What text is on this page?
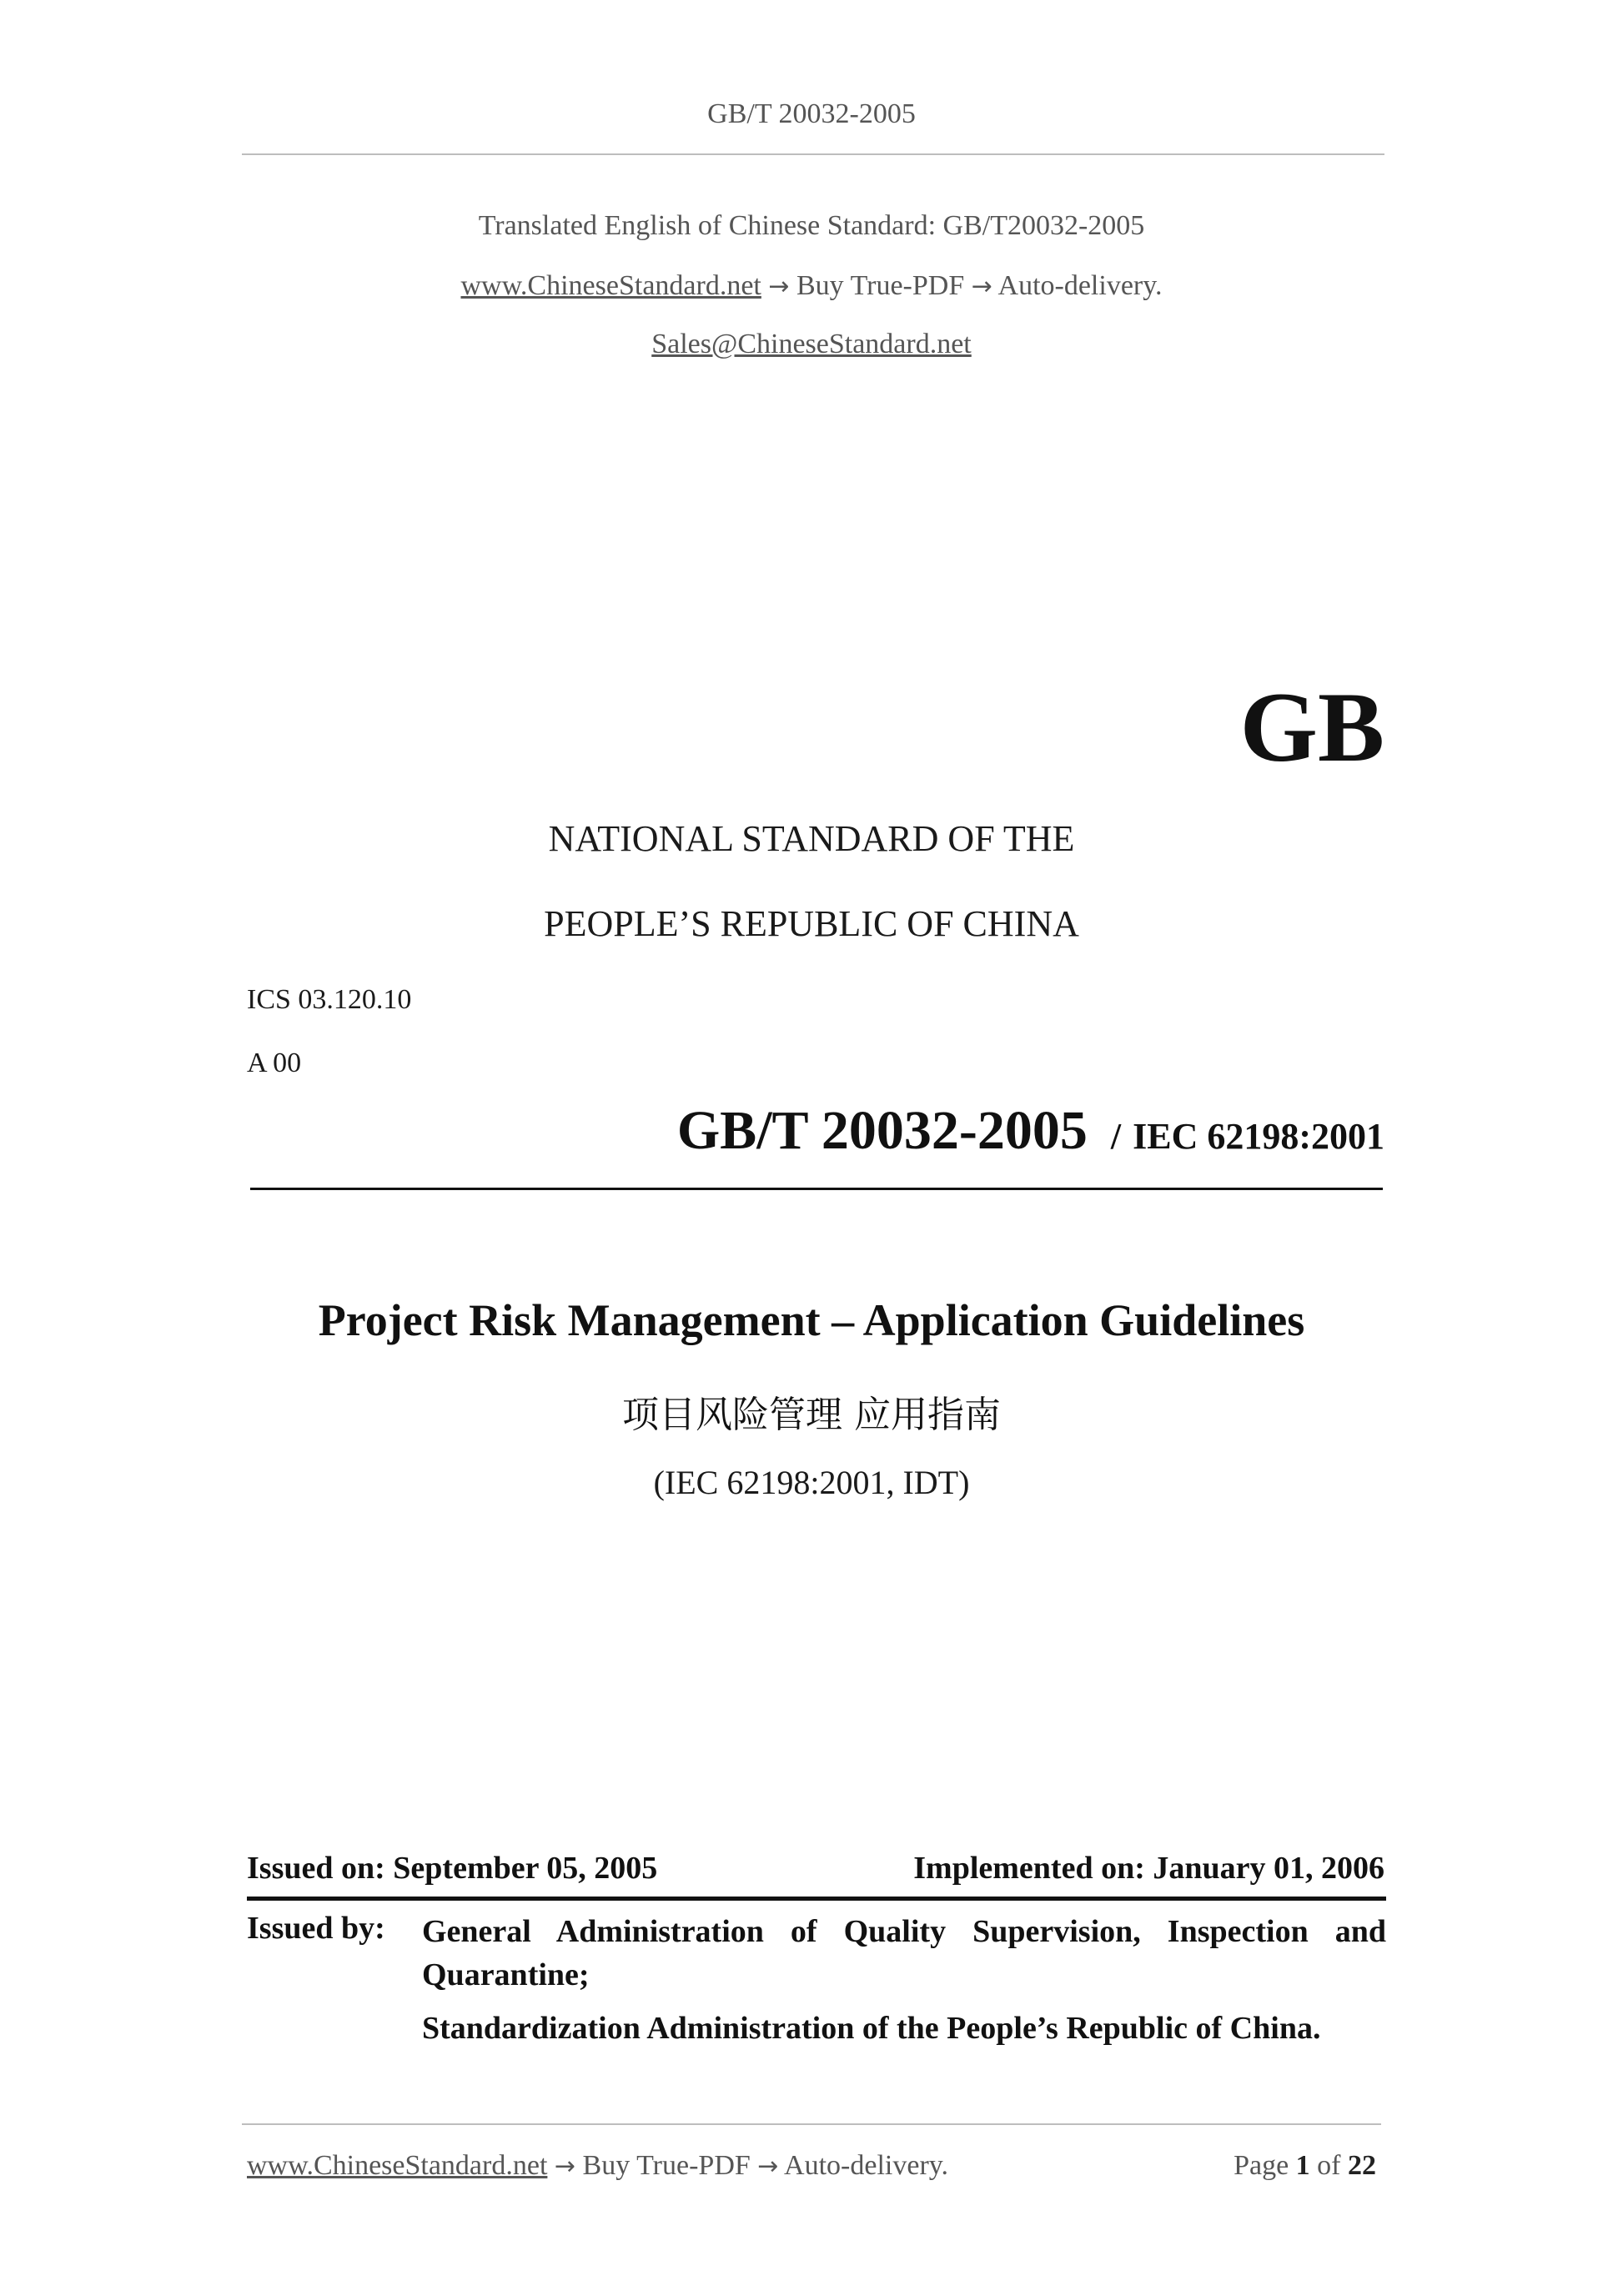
GB/T 20032-2005
Translated English of Chinese Standard: GB/T20032-2005
www.ChineseStandard.net → Buy True-PDF → Auto-delivery.
Sales@ChineseStandard.net
GB
NATIONAL STANDARD OF THE
PEOPLE’S REPUBLIC OF CHINA
ICS 03.120.10
A 00
GB/T 20032-2005 / IEC 62198:2001
Project Risk Management – Application Guidelines
项目风险管理 应用指南
(IEC 62198:2001, IDT)
Issued on: September 05, 2005	Implemented on: January 01, 2006
Issued by: General Administration of Quality Supervision, Inspection and Quarantine;
Standardization Administration of the People’s Republic of China.
www.ChineseStandard.net → Buy True-PDF → Auto-delivery.	Page 1 of 22
